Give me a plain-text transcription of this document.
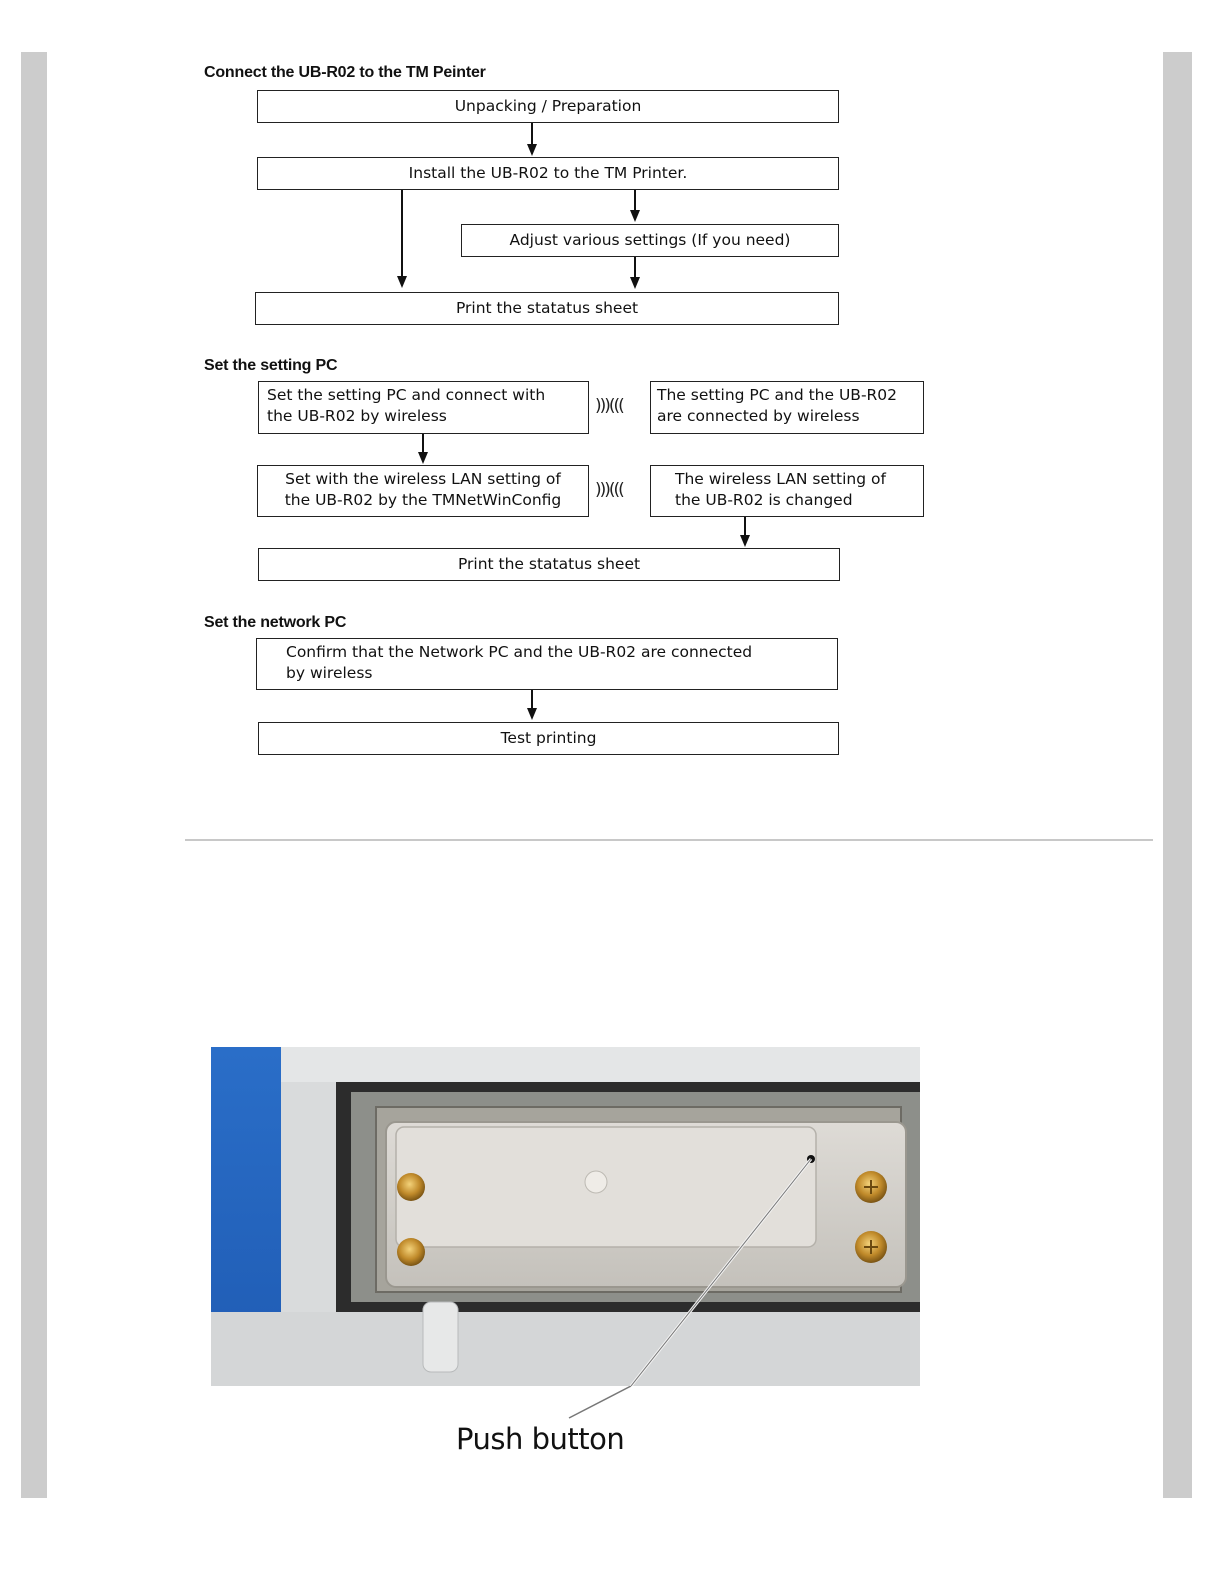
Connect the UB-R02 to the TM Peinter
Unpacking / Preparation
Install the UB-R02 to the TM Printer.
Adjust various settings (If you need)
Print the statatus sheet
Set the setting PC
Set the setting PC and connect with
the UB-R02 by wireless	)))(((
The setting PC and the UB-R02
are connected by wireless
Set with the wireless LAN setting of
the UB-R02 by the TMNetWinConfig	)))(((
The wireless LAN setting of
the UB-R02 is changed
Print the statatus sheet
Set the network PC
Confirm that the Network PC and the UB-R02 are connected
by wireless
Test printing
Push button
